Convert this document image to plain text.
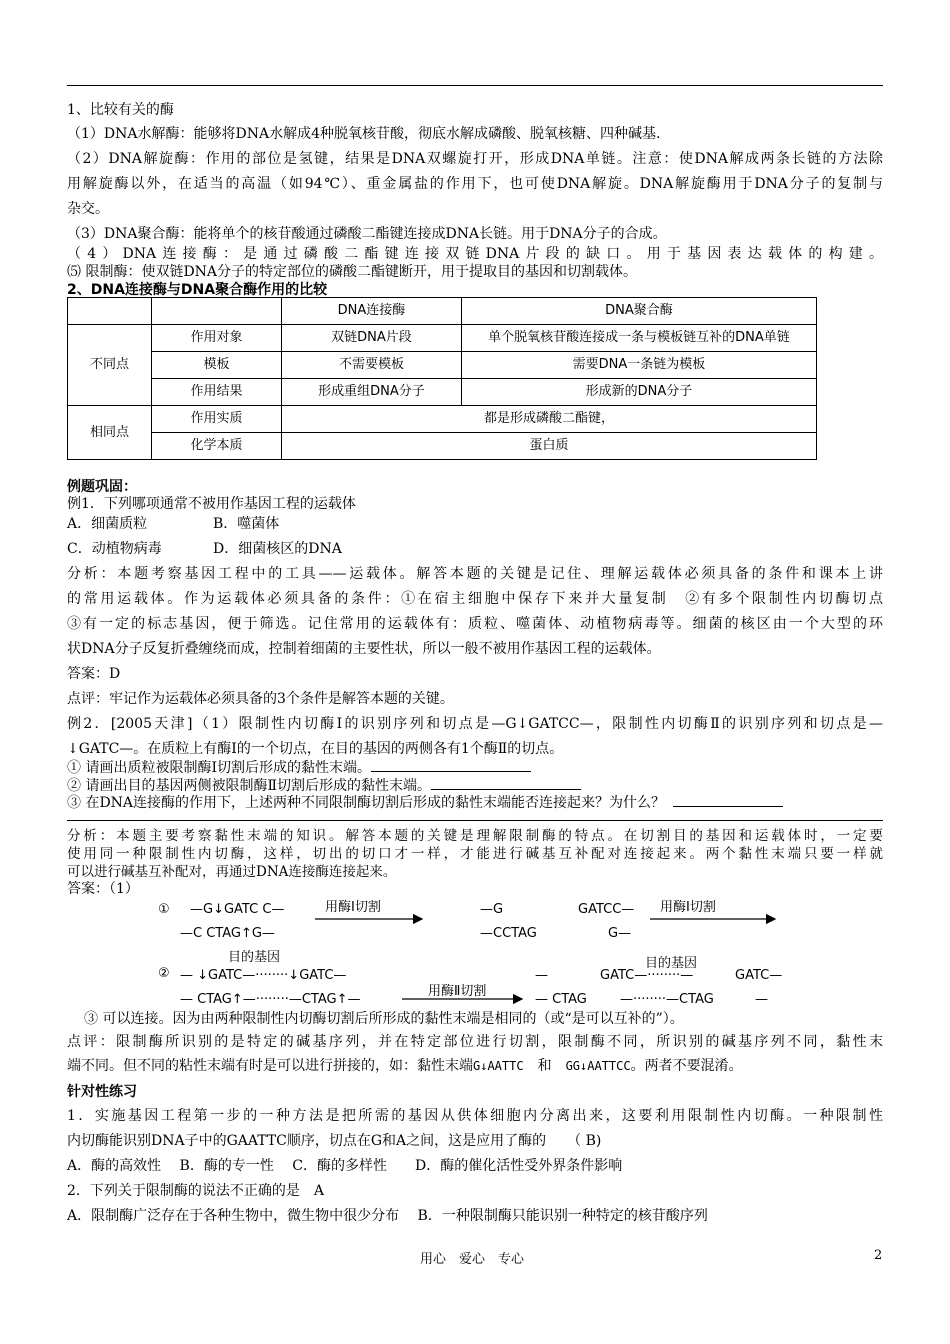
1、比较有关的酶
（1）DNA水解酶：能够将DNA水解成4种脱氧核苷酸，彻底水解成磷酸、脱氧核糖、四种碱基.
（2）DNA解旋酶：作用的部位是氢键，结果是DNA双螺旋打开，形成DNA单链。注意：使DNA解成两条长链的方法除
用解旋酶以外，在适当的高温（如94℃）、重金属盐的作用下，也可使DNA解旋。DNA解旋酶用于DNA分子的复制与
杂交。
（3）DNA聚合酶：能将单个的核苷酸通过磷酸二酯键连接成DNA长链。用于DNA分子的合成。
（4）DNA连接酶：是通过磷酸二酯键连接双链DNA片段的缺口。用于基因表达载体的构建。
⑸ 限制酶：使双链DNA分子的特定部位的磷酸二酯键断开，用于提取目的基因和切割载体。
2、DNA连接酶与DNA聚合酶作用的比较
		DNA连接酶	DNA聚合酶
不同点	作用对象	双链DNA片段	单个脱氧核苷酸连接成一条与模板链互补的DNA单链
	模板	不需要模板	需要DNA一条链为模板
	作用结果	形成重组DNA分子	形成新的DNA分子
相同点	作用实质	都是形成磷酸二酯键，	
	化学本质	蛋白质	
例题巩固：
例1．下列哪项通常不被用作基因工程的运载体
A．细菌质粒	B．噬菌体
C．动植物病毒	D．细菌核区的DNA
分析：本题考察基因工程中的工具——运载体。解答本题的关键是记住、理解运载体必须具备的条件和课本上讲
的常用运载体。作为运载体必须具备的条件：①在宿主细胞中保存下来并大量复制　②有多个限制性内切酶切点
③有一定的标志基因，便于筛选。记住常用的运载体有：质粒、噬菌体、动植物病毒等。细菌的核区由一个大型的环
状DNA分子反复折叠缠绕而成，控制着细菌的主要性状，所以一般不被用作基因工程的运载体。
答案：D
点评：牢记作为运载体必须具备的3个条件是解答本题的关键。
例2．[2005天津]（1）限制性内切酶Ⅰ的识别序列和切点是—G↓GATCC—，限制性内切酶Ⅱ的识别序列和切点是—
↓GATC—。在质粒上有酶Ⅰ的一个切点，在目的基因的两侧各有1个酶Ⅱ的切点。
① 请画出质粒被限制酶Ⅰ切割后形成的黏性末端。
② 请画出目的基因两侧被限制酶Ⅱ切割后形成的黏性末端。
③ 在DNA连接酶的作用下，上述两种不同限制酶切割后形成的黏性末端能否连接起来？为什么？
分析：本题主要考察黏性末端的知识。解答本题的关键是理解限制酶的特点。在切割目的基因和运载体时，一定要
使用同一种限制性内切酶，这样，切出的切口才一样，才能进行碱基互补配对连接起来。两个黏性末端只要一样就
可以进行碱基互补配对，再通过DNA连接酶连接起来。
答案：（1）
① —G↓GATC C—
—C CTAG↑G—
用酶Ⅰ切割	—G
—CCTAG
GATCC—
G—
用酶Ⅰ切割
②
目的基因
— ↓GATC—········↓GATC—
— CTAG↑—········—CTAG↑—
用酶Ⅱ切割
—
— CTAG
目的基因
GATC—········—
—········—CTAG
GATC—
—
③ 可以连接。因为由两种限制性内切酶切割后所形成的黏性末端是相同的（或“是可以互补的”）。
点评：限制酶所识别的是特定的碱基序列，并在特定部位进行切割，限制酶不同，所识别的碱基序列不同，黏性末
端不同。但不同的粘性末端有时是可以进行拼接的，如：黏性末端G↓AATTC 和 GG↓AATTCC。两者不要混淆。
针对性练习
1．实施基因工程第一步的一种方法是把所需的基因从供体细胞内分离出来，这要利用限制性内切酶。一种限制性
内切酶能识别DNA子中的GAATTC顺序，切点在G和A之间，这是应用了酶的　　（ B)
A．酶的高效性　 B．酶的专一性　 C．酶的多样性　　D．酶的催化活性受外界条件影响
2．下列关于限制酶的说法不正确的是　A
A．限制酶广泛存在于各种生物中，微生物中很少分布　 B．一种限制酶只能识别一种特定的核苷酸序列
用心　爱心　专心	2
